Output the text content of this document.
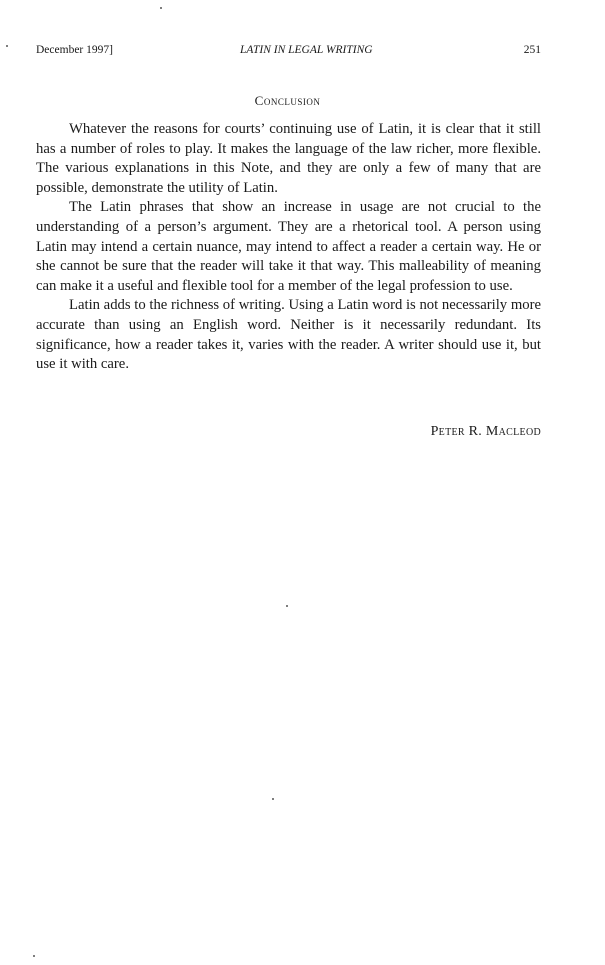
December 1997]	LATIN IN LEGAL WRITING	251
Conclusion

Whatever the reasons for courts’ continuing use of Latin, it is clear that it still has a number of roles to play. It makes the language of the law richer, more flexible. The various explanations in this Note, and they are only a few of many that are possible, demonstrate the utility of Latin.

The Latin phrases that show an increase in usage are not crucial to the understanding of a person’s argument. They are a rhetorical tool. A person using Latin may intend a certain nuance, may intend to affect a reader a certain way. He or she cannot be sure that the reader will take it that way. This malleability of meaning can make it a useful and flexible tool for a member of the legal profession to use.

Latin adds to the richness of writing. Using a Latin word is not necessarily more accurate than using an English word. Neither is it necessarily redundant. Its significance, how a reader takes it, varies with the reader. A writer should use it, but use it with care.

Peter R. Macleod
